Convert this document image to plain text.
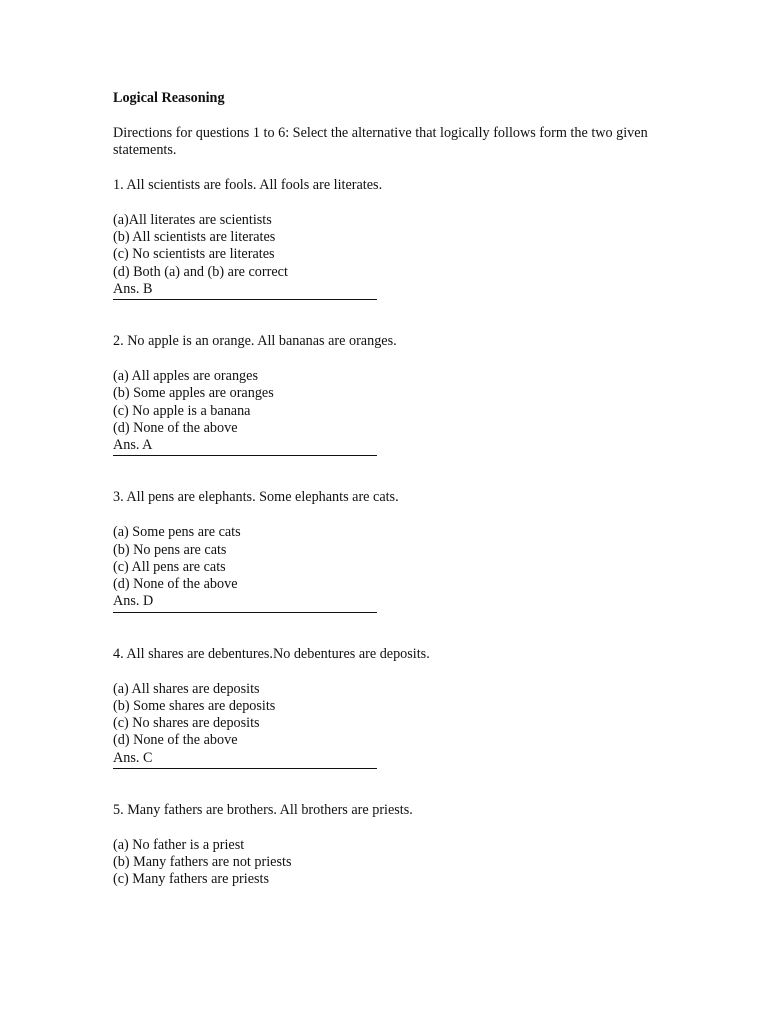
Logical Reasoning
Directions for questions 1 to 6: Select the alternative that logically follows form the two given statements.
1. All scientists are fools. All fools are literates.
(a)All literates are scientists
(b) All scientists are literates
(c) No scientists are literates
(d) Both (a) and (b) are correct
Ans. B
2. No apple is an orange. All bananas are oranges.
(a) All apples are oranges
(b) Some apples are oranges
(c) No apple is a banana
(d) None of the above
Ans. A
3. All pens are elephants. Some elephants are cats.
(a) Some pens are cats
(b) No pens are cats
(c) All pens are cats
(d) None of the above
Ans. D
4. All shares are debentures.No debentures are deposits.
(a) All shares are deposits
(b) Some shares are deposits
(c) No shares are deposits
(d) None of the above
Ans. C
5. Many fathers are brothers. All brothers are priests.
(a) No father is a priest
(b) Many fathers are not priests
(c) Many fathers are priests
